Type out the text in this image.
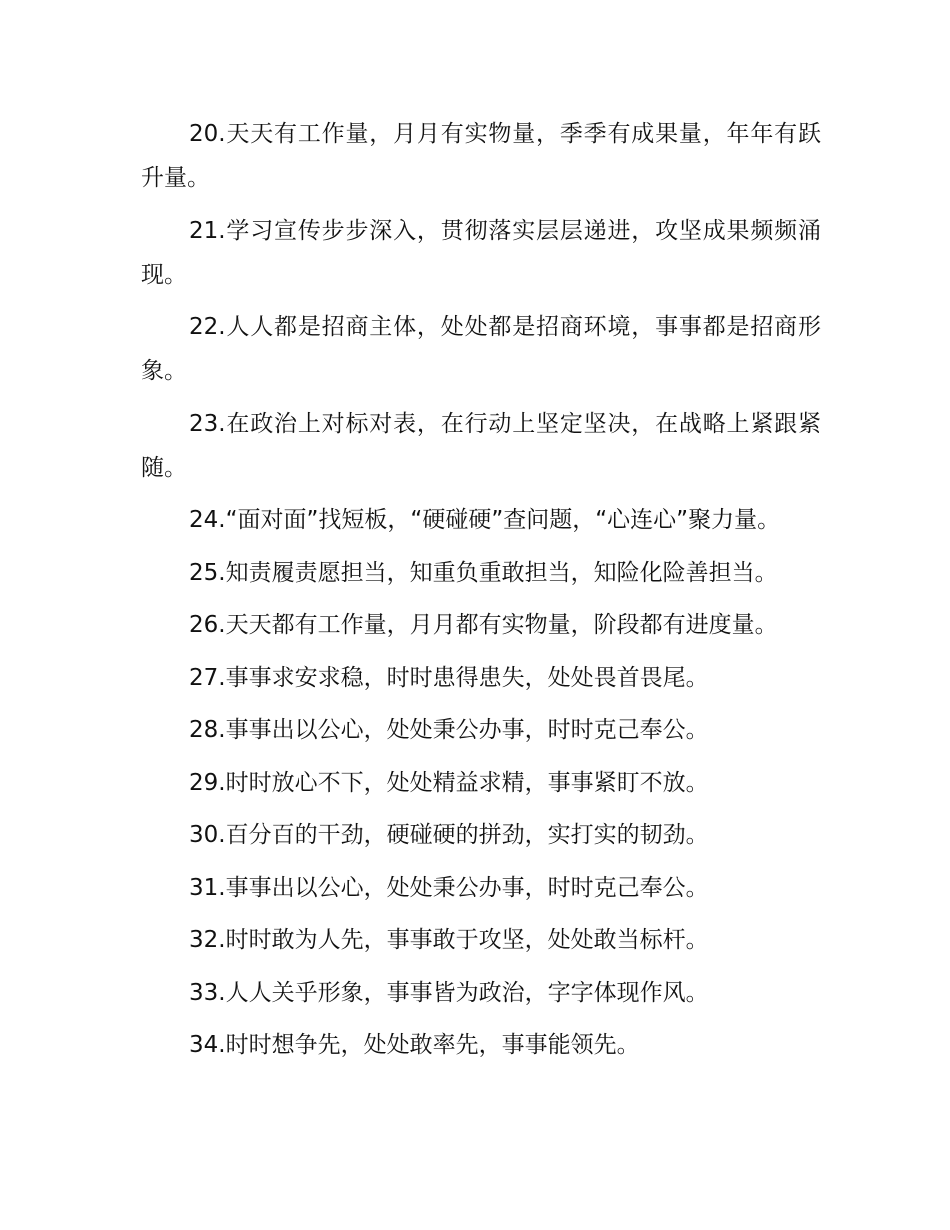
20.天天有工作量，月月有实物量，季季有成果量，年年有跃升量。

21.学习宣传步步深入，贯彻落实层层递进，攻坚成果频频涌现。

22.人人都是招商主体，处处都是招商环境，事事都是招商形象。

23.在政治上对标对表，在行动上坚定坚决，在战略上紧跟紧随。

24.“面对面”找短板，“硬碰硬”查问题，“心连心”聚力量。

25.知责履责愿担当，知重负重敢担当，知险化险善担当。

26.天天都有工作量，月月都有实物量，阶段都有进度量。

27.事事求安求稳，时时患得患失，处处畏首畏尾。

28.事事出以公心，处处秉公办事，时时克己奉公。

29.时时放心不下，处处精益求精，事事紧盯不放。

30.百分百的干劲，硬碰硬的拼劲，实打实的韧劲。

31.事事出以公心，处处秉公办事，时时克己奉公。

32.时时敢为人先，事事敢于攻坚，处处敢当标杆。

33.人人关乎形象，事事皆为政治，字字体现作风。

34.时时想争先，处处敢率先，事事能领先。
